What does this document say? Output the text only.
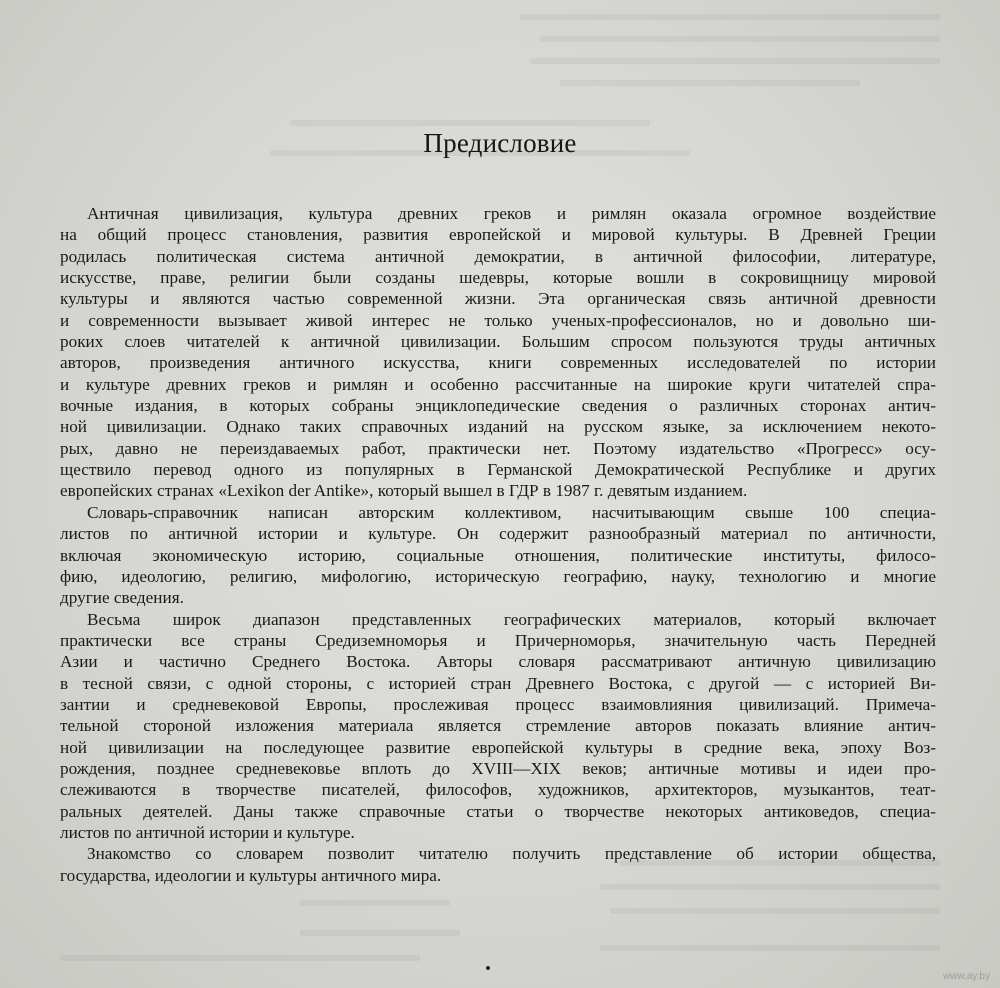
Предисловие
Античная цивилизация, культура древних греков и римлян оказала огромное воздействие
на общий процесс становления, развития европейской и мировой культуры. В Древней Греции
родилась политическая система античной демократии, в античной философии, литературе,
искусстве, праве, религии были созданы шедевры, которые вошли в сокровищницу мировой
культуры и являются частью современной жизни. Эта органическая связь античной древности
и современности вызывает живой интерес не только ученых-профессионалов, но и довольно ши-
роких слоев читателей к античной цивилизации. Большим спросом пользуются труды античных
авторов, произведения античного искусства, книги современных исследователей по истории
и культуре древних греков и римлян и особенно рассчитанные на широкие круги читателей спра-
вочные издания, в которых собраны энциклопедические сведения о различных сторонах антич-
ной цивилизации. Однако таких справочных изданий на русском языке, за исключением некото-
рых, давно не переиздаваемых работ, практически нет. Поэтому издательство «Прогресс» осу-
ществило перевод одного из популярных в Германской Демократической Республике и других
европейских странах «Lexikon der Antike», который вышел в ГДР в 1987 г. девятым изданием.
Словарь-справочник написан авторским коллективом, насчитывающим свыше 100 специа-
листов по античной истории и культуре. Он содержит разнообразный материал по античности,
включая экономическую историю, социальные отношения, политические институты, филосо-
фию, идеологию, религию, мифологию, историческую географию, науку, технологию и многие
другие сведения.
Весьма широк диапазон представленных географических материалов, который включает
практически все страны Средиземноморья и Причерноморья, значительную часть Передней
Азии и частично Среднего Востока. Авторы словаря рассматривают античную цивилизацию
в тесной связи, с одной стороны, с историей стран Древнего Востока, с другой — с историей Ви-
зантии и средневековой Европы, прослеживая процесс взаимовлияния цивилизаций. Примеча-
тельной стороной изложения материала является стремление авторов показать влияние антич-
ной цивилизации на последующее развитие европейской культуры в средние века, эпоху Воз-
рождения, позднее средневековье вплоть до XVIII—XIX веков; античные мотивы и идеи про-
слеживаются в творчестве писателей, философов, художников, архитекторов, музыкантов, теат-
ральных деятелей. Даны также справочные статьи о творчестве некоторых антиковедов, специа-
листов по античной истории и культуре.
Знакомство со словарем позволит читателю получить представление об истории общества,
государства, идеологии и культуры античного мира.
www.ay.by
